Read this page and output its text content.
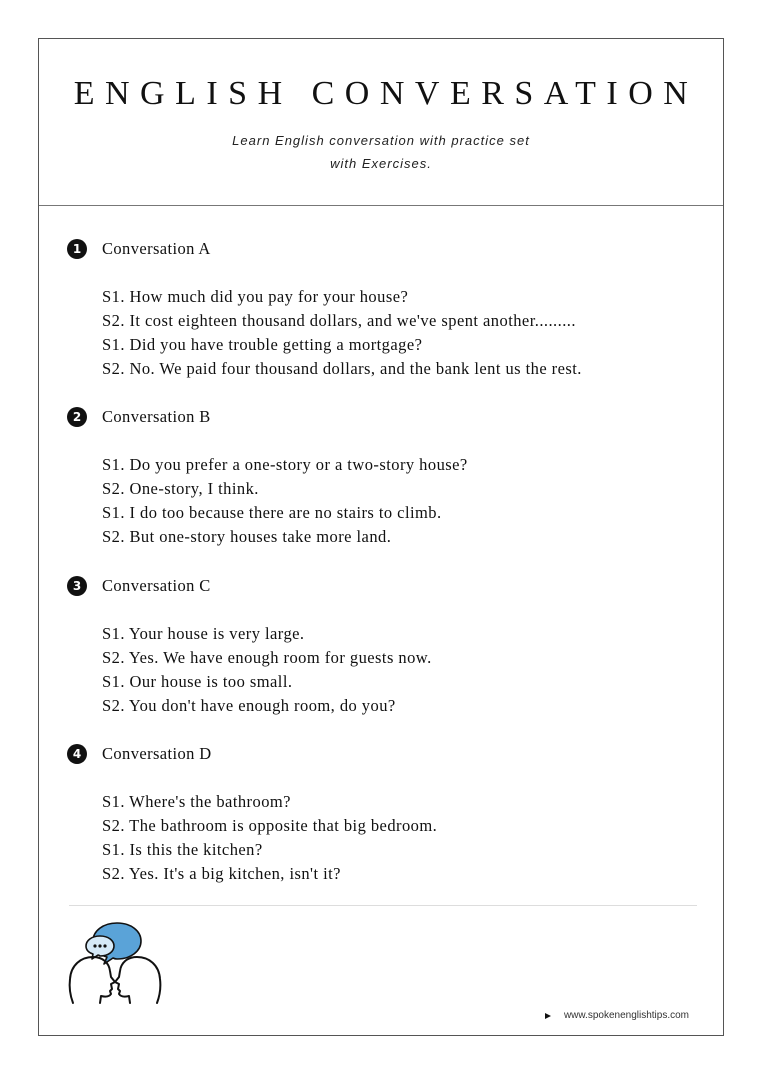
ENGLISH CONVERSATION
Learn English conversation with practice set
with Exercises.
1	Conversation A
S1. How much did you pay for your house?
S2. It cost eighteen thousand dollars, and we've spent another.........
S1. Did you have trouble getting a mortgage?
S2. No. We paid four thousand dollars, and the bank lent us the rest.
2	Conversation B
S1. Do you prefer a one-story or a two-story house?
S2. One-story, I think.
S1. I do too because there are no stairs to climb.
S2. But one-story houses take more land.
3	Conversation C
S1. Your house is very large.
S2. Yes. We have enough room for guests now.
S1. Our house is too small.
S2. You don't have enough room, do you?
4	Conversation D
S1. Where's the bathroom?
S2. The bathroom is opposite that big bedroom.
S1. Is this the kitchen?
S2. Yes. It's a big kitchen, isn't it?
www.spokenenglishtips.com
